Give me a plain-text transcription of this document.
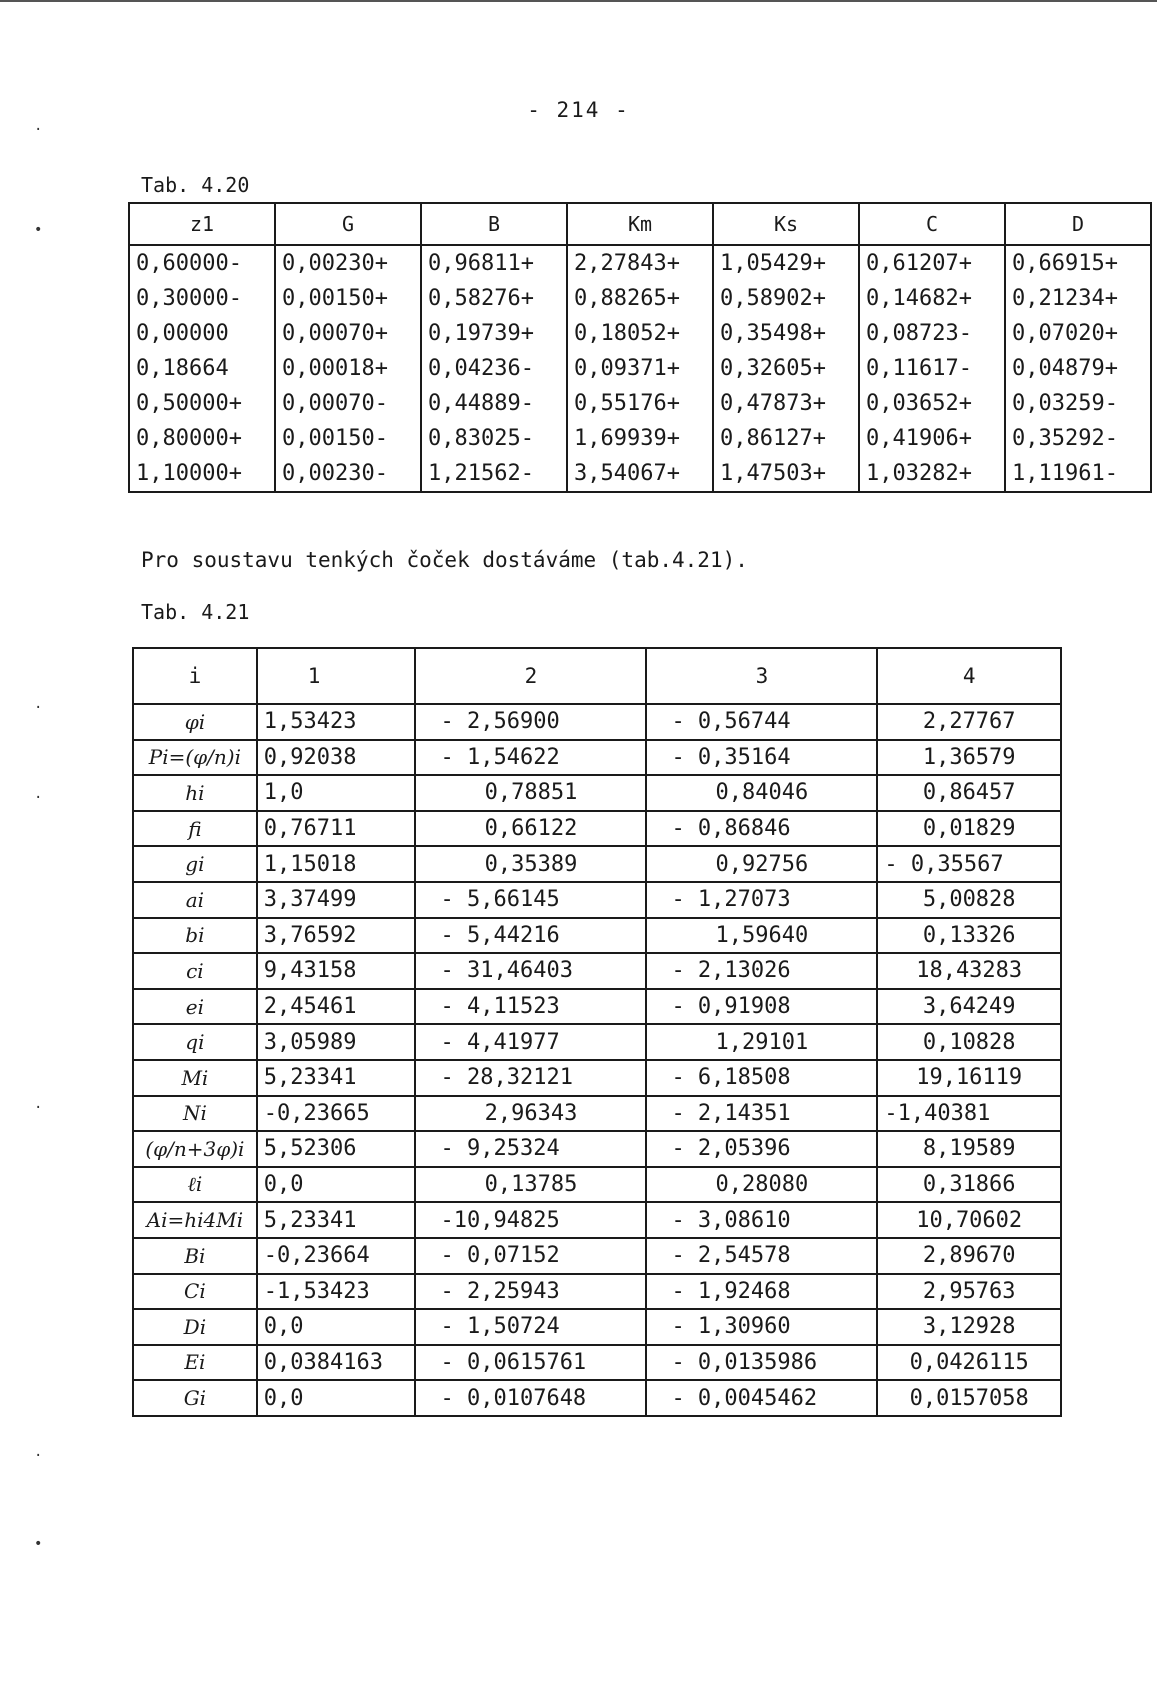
- 214 -
·
•
·
·
·
·
•
Tab. 4.20
z1	G	B	Km	Ks	C	D
0,60000-	0,00230+	0,96811+	2,27843+	1,05429+	0,61207+	0,66915+
0,30000-	0,00150+	0,58276+	0,88265+	0,58902+	0,14682+	0,21234+
0,00000	0,00070+	0,19739+	0,18052+	0,35498+	0,08723-	0,07020+
0,18664	0,00018+	0,04236-	0,09371+	0,32605+	0,11617-	0,04879+
0,50000+	0,00070-	0,44889-	0,55176+	0,47873+	0,03652+	0,03259-
0,80000+	0,00150-	0,83025-	1,69939+	0,86127+	0,41906+	0,35292-
1,10000+	0,00230-	1,21562-	3,54067+	1,47503+	1,03282+	1,11961-
Pro soustavu tenkých čoček dostáváme (tab.4.21).
Tab. 4.21
i	1	2	3	4
φi	1,53423	- 2,56900	- 0,56744	2,27767
Pi=(φ/n)i	0,92038	- 1,54622	- 0,35164	1,36579
hi	1,0	0,78851	0,84046	0,86457
fi	0,76711	0,66122	- 0,86846	0,01829
gi	1,15018	0,35389	0,92756	- 0,35567
ai	3,37499	- 5,66145	- 1,27073	5,00828
bi	3,76592	- 5,44216	1,59640	0,13326
ci	9,43158	- 31,46403	- 2,13026	18,43283
ei	2,45461	- 4,11523	- 0,91908	3,64249
qi	3,05989	- 4,41977	1,29101	0,10828
Mi	5,23341	- 28,32121	- 6,18508	19,16119
Ni	-0,23665	2,96343	- 2,14351	-1,40381
(φ/n+3φ)i	5,52306	- 9,25324	- 2,05396	8,19589
ℓi	0,0	0,13785	0,28080	0,31866
Ai=hi4Mi	5,23341	-10,94825	- 3,08610	10,70602
Bi	-0,23664	- 0,07152	- 2,54578	2,89670
Ci	-1,53423	- 2,25943	- 1,92468	2,95763
Di	0,0	- 1,50724	- 1,30960	3,12928
Ei	0,0384163	- 0,0615761	- 0,0135986	0,0426115
Gi	0,0	- 0,0107648	- 0,0045462	0,0157058
